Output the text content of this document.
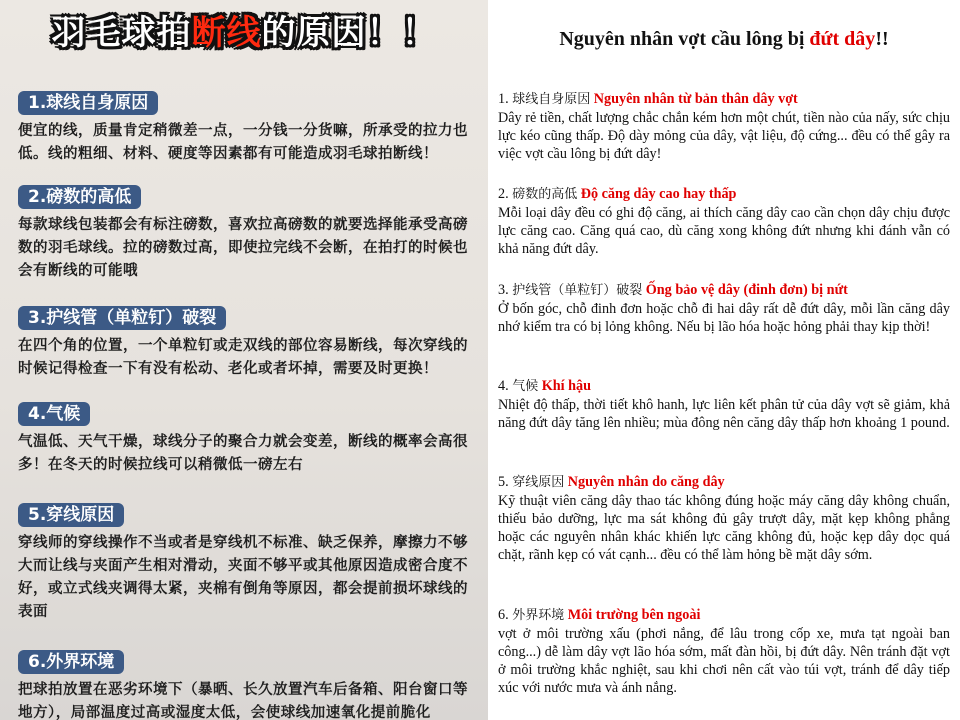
羽毛球拍断线的原因！！
1.球线自身原因
便宜的线，质量肯定稍微差一点，一分钱一分货嘛，所承受的拉力也低。线的粗细、材料、硬度等因素都有可能造成羽毛球拍断线！
2.磅数的高低
每款球线包装都会有标注磅数，喜欢拉高磅数的就要选择能承受高磅数的羽毛球线。拉的磅数过高，即使拉完线不会断，在拍打的时候也会有断线的可能哦
3.护线管（单粒钉）破裂
在四个角的位置，一个单粒钉或走双线的部位容易断线，每次穿线的时候记得检查一下有没有松动、老化或者坏掉，需要及时更换！
4.气候
气温低、天气干燥，球线分子的聚合力就会变差，断线的概率会高很多！在冬天的时候拉线可以稍微低一磅左右
5.穿线原因
穿线师的穿线操作不当或者是穿线机不标准、缺乏保养，摩擦力不够大而让线与夹面产生相对滑动，夹面不够平或其他原因造成密合度不好，或立式线夹调得太紧，夹棉有倒角等原因，都会提前损坏球线的表面
6.外界环境
把球拍放置在恶劣环境下（暴晒、长久放置汽车后备箱、阳台窗口等地方），局部温度过高或湿度太低，会使球线加速氧化提前脆化
Nguyên nhân vợt cầu lông bị đứt dây!!
1. 球线自身原因 Nguyên nhân từ bản thân dây vợt
Dây rẻ tiền, chất lượng chắc chắn kém hơn một chút, tiền nào của nấy, sức chịu lực kéo cũng thấp. Độ dày mỏng của dây, vật liệu, độ cứng... đều có thể gây ra việc vợt cầu lông bị đứt dây!
2. 磅数的高低 Độ căng dây cao hay thấp
Mỗi loại dây đều có ghi độ căng, ai thích căng dây cao cần chọn dây chịu được lực căng cao. Căng quá cao, dù căng xong không đứt nhưng khi đánh vẫn có khả năng đứt dây.
3. 护线管（单粒钉）破裂 Ống bảo vệ dây (đinh đơn) bị nứt
Ở bốn góc, chỗ đinh đơn hoặc chỗ đi hai dây rất dễ đứt dây, mỗi lần căng dây nhớ kiểm tra có bị lỏng không. Nếu bị lão hóa hoặc hỏng phải thay kịp thời!
4. 气候 Khí hậu
Nhiệt độ thấp, thời tiết khô hanh, lực liên kết phân tử của dây vợt sẽ giảm, khả năng đứt dây tăng lên nhiều; mùa đông nên căng dây thấp hơn khoảng 1 pound.
5. 穿线原因 Nguyên nhân do căng dây
Kỹ thuật viên căng dây thao tác không đúng hoặc máy căng dây không chuẩn, thiếu bảo dưỡng, lực ma sát không đủ gây trượt dây, mặt kẹp không phẳng hoặc các nguyên nhân khác khiến lực căng không đủ, hoặc kẹp dây dọc quá chặt, rãnh kẹp có vát cạnh... đều có thể làm hỏng bề mặt dây sớm.
6. 外界环境 Môi trường bên ngoài
vợt ở môi trường xấu (phơi nắng, để lâu trong cốp xe, mưa tạt ngoài ban công...) dễ làm dây vợt lão hóa sớm, mất đàn hồi, bị đứt dây. Nên tránh đặt vợt ở môi trường khắc nghiệt, sau khi chơi nên cất vào túi vợt, tránh để dây tiếp xúc với nước mưa và ánh nắng.
